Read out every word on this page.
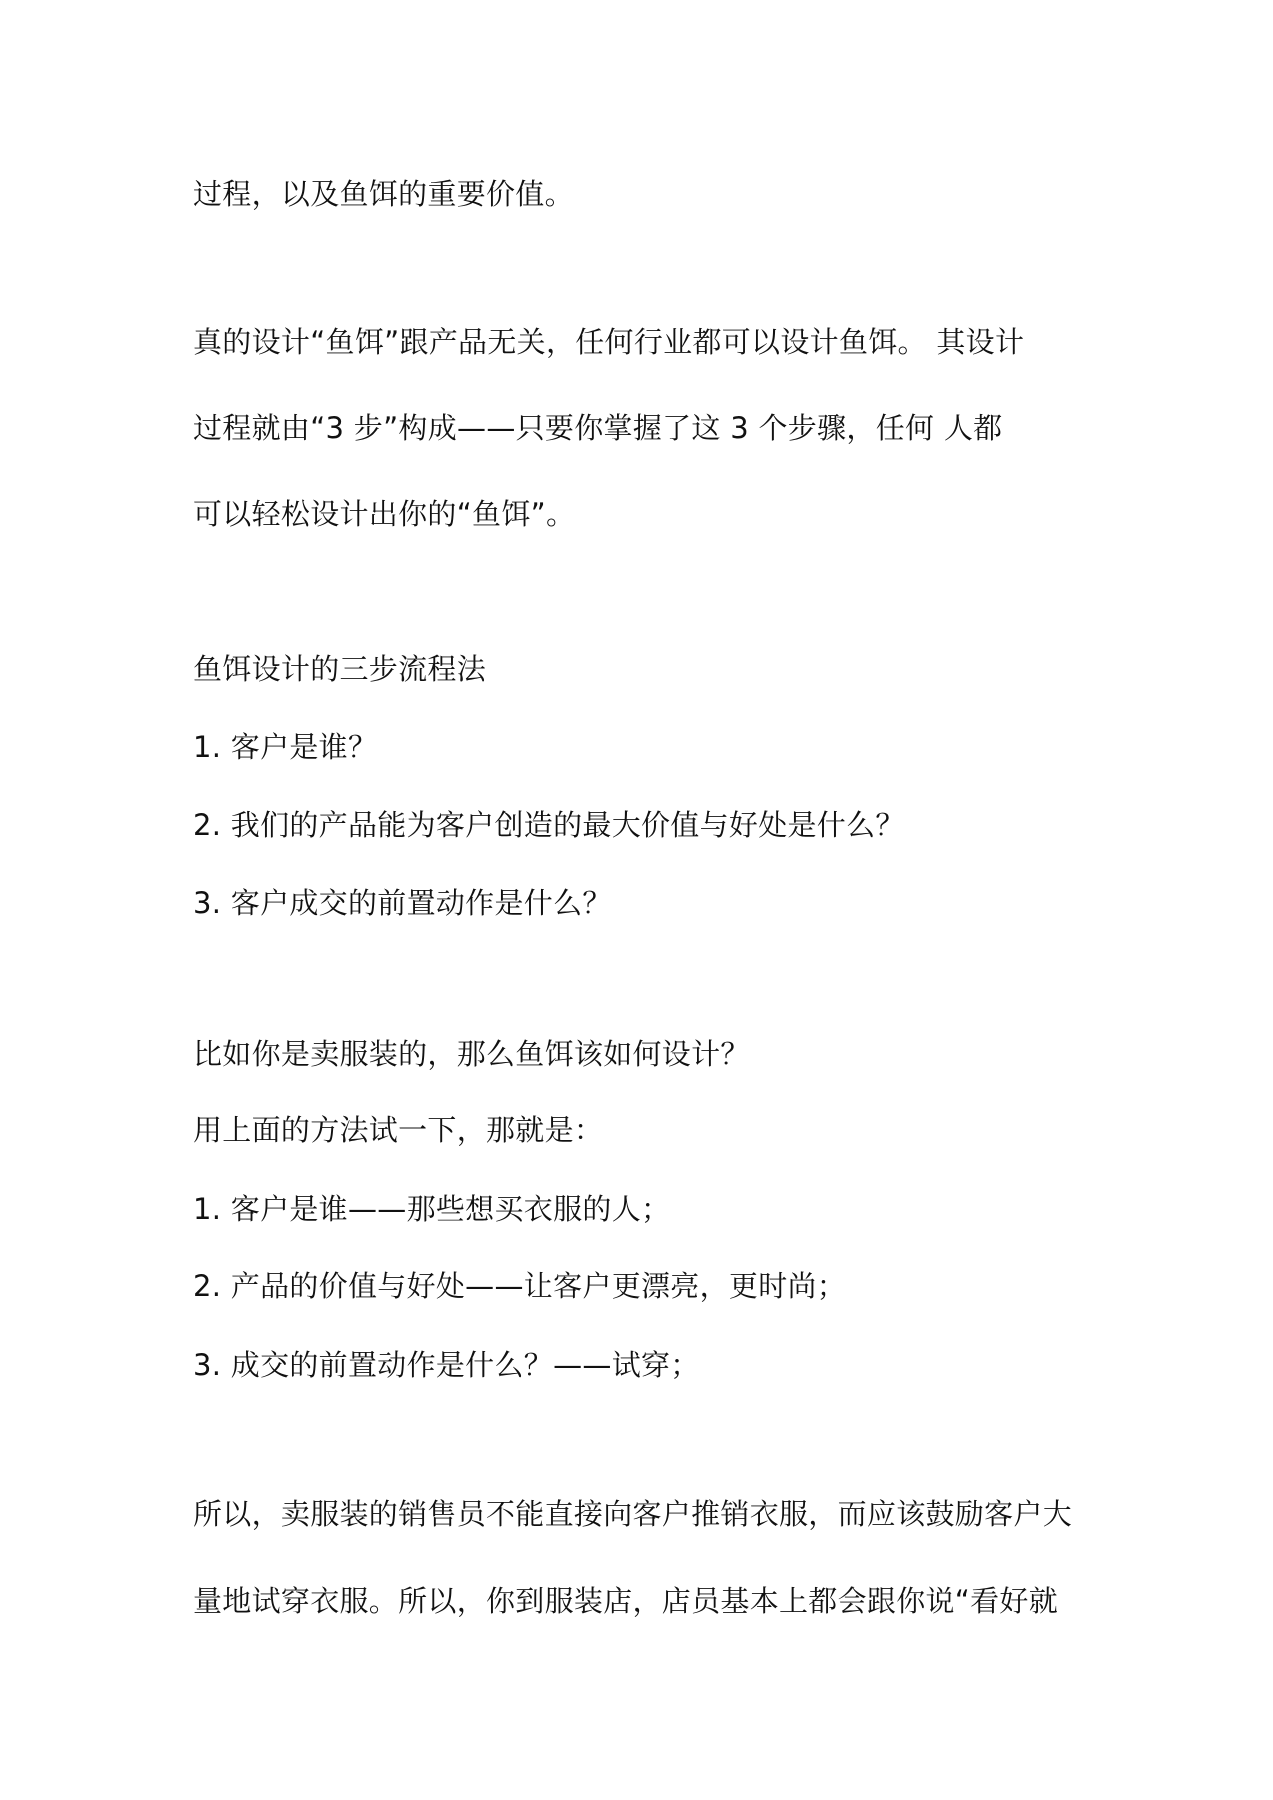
过程，以及鱼饵的重要价值。

真的设计“鱼饵”跟产品无关，任何行业都可以设计鱼饵。 其设计

过程就由“3 步”构成——只要你掌握了这 3 个步骤，任何 人都

可以轻松设计出你的“鱼饵”。

鱼饵设计的三步流程法

1. 客户是谁？

2. 我们的产品能为客户创造的最大价值与好处是什么？

3. 客户成交的前置动作是什么？

比如你是卖服装的，那么鱼饵该如何设计？

用上面的方法试一下，那就是：

1. 客户是谁——那些想买衣服的人；

2. 产品的价值与好处——让客户更漂亮，更时尚；

3. 成交的前置动作是什么？——试穿；

所以，卖服装的销售员不能直接向客户推销衣服，而应该鼓励客户大

量地试穿衣服。所以，你到服装店，店员基本上都会跟你说“看好就
